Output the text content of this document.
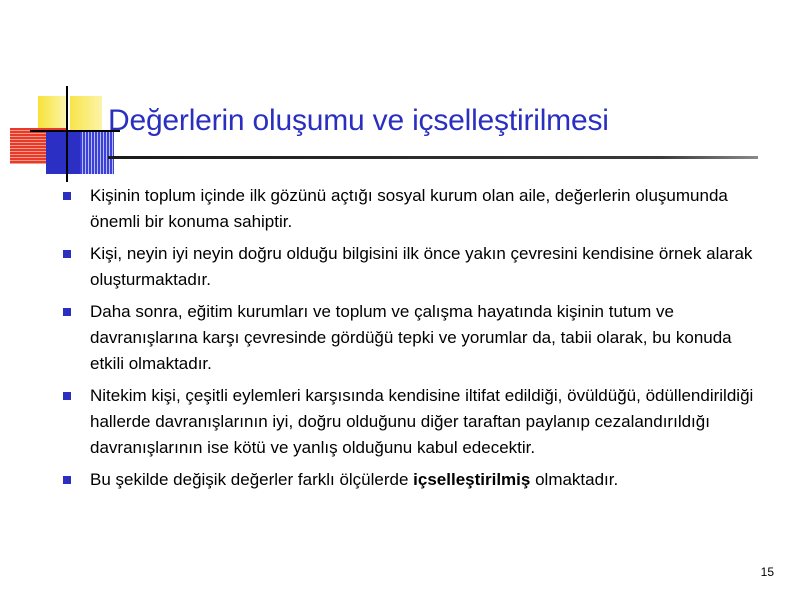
Değerlerin oluşumu ve içselleştirilmesi
Kişinin toplum içinde ilk gözünü açtığı sosyal kurum olan aile, değerlerin oluşumunda önemli bir konuma sahiptir.
Kişi, neyin iyi neyin doğru olduğu bilgisini ilk önce yakın çevresini kendisine örnek alarak oluşturmaktadır.
Daha sonra, eğitim kurumları ve toplum ve çalışma hayatında kişinin tutum ve davranışlarına karşı çevresinde gördüğü tepki ve yorumlar da, tabii olarak, bu konuda etkili olmaktadır.
Nitekim kişi, çeşitli eylemleri karşısında kendisine iltifat edildiği, övüldüğü, ödüllendirildiği hallerde davranışlarının iyi, doğru olduğunu diğer taraftan paylanıp cezalandırıldığı davranışlarının ise kötü ve yanlış olduğunu kabul edecektir.
Bu şekilde değişik değerler farklı ölçülerde içselleştirilmiş olmaktadır.
15
